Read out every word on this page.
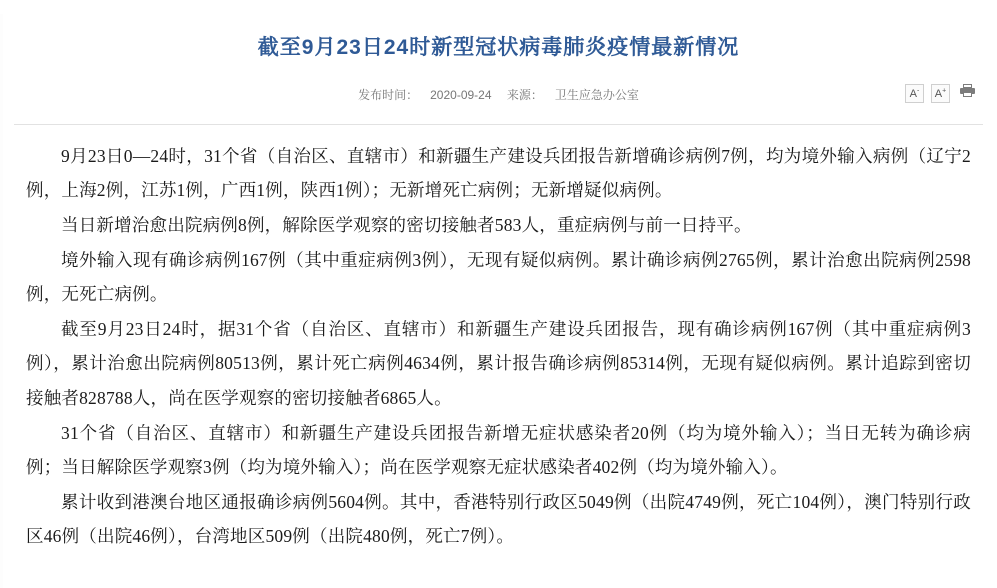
截至9月23日24时新型冠状病毒肺炎疫情最新情况
发布时间： 2020-09-24 来源： 卫生应急办公室	A-	A+

9月23日0—24时，31个省（自治区、直辖市）和新疆生产建设兵团报告新增确诊病例7例，均为境外输入病例（辽宁2例，上海2例，江苏1例，广西1例，陕西1例）；无新增死亡病例；无新增疑似病例。

当日新增治愈出院病例8例，解除医学观察的密切接触者583人，重症病例与前一日持平。

境外输入现有确诊病例167例（其中重症病例3例），无现有疑似病例。累计确诊病例2765例，累计治愈出院病例2598例，无死亡病例。

截至9月23日24时，据31个省（自治区、直辖市）和新疆生产建设兵团报告，现有确诊病例167例（其中重症病例3例），累计治愈出院病例80513例，累计死亡病例4634例，累计报告确诊病例85314例，无现有疑似病例。累计追踪到密切接触者828788人，尚在医学观察的密切接触者6865人。

31个省（自治区、直辖市）和新疆生产建设兵团报告新增无症状感染者20例（均为境外输入）；当日无转为确诊病例；当日解除医学观察3例（均为境外输入）；尚在医学观察无症状感染者402例（均为境外输入）。

累计收到港澳台地区通报确诊病例5604例。其中，香港特别行政区5049例（出院4749例，死亡104例），澳门特别行政区46例（出院46例），台湾地区509例（出院480例，死亡7例）。
